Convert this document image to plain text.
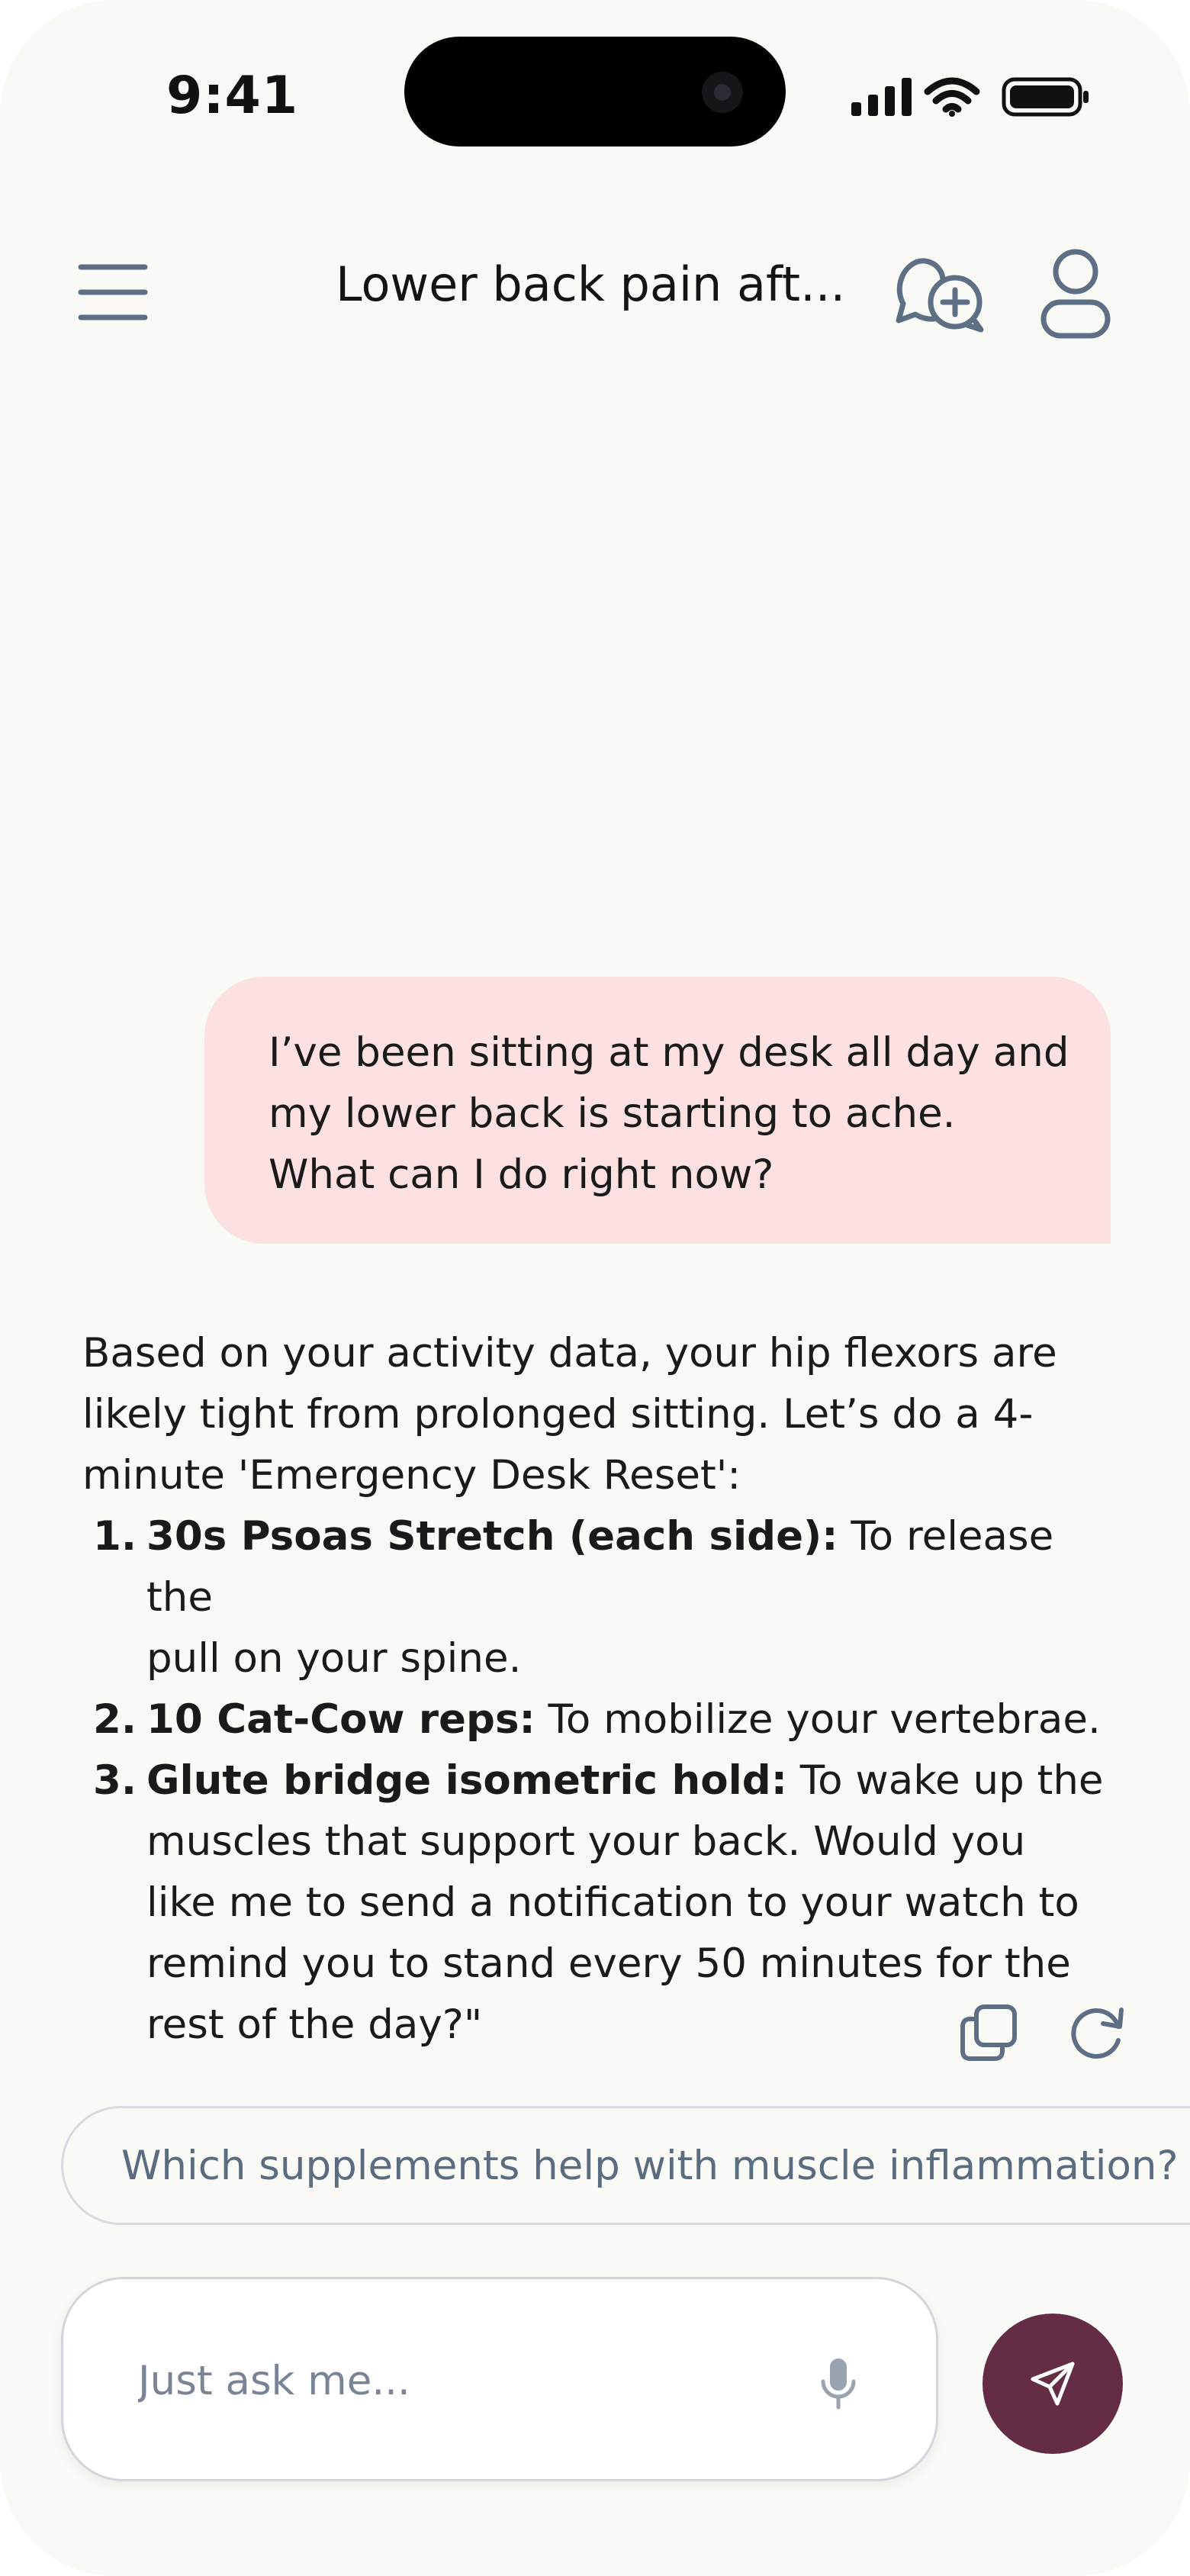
9:41
Lower back pain aft...
I’ve been sitting at my desk all day and
my lower back is starting to ache.
What can I do right now?
Based on your activity data, your hip flexors are
likely tight from prolonged sitting. Let’s do a 4-
minute 'Emergency Desk Reset':
1. 30s Psoas Stretch (each side): To release the
pull on your spine.
2. 10 Cat-Cow reps: To mobilize your vertebrae.
3. Glute bridge isometric hold: To wake up the
muscles that support your back. Would you
like me to send a notification to your watch to
remind you to stand every 50 minutes for the
rest of the day?"
Which supplements help with muscle inflammation?
Just ask me...
